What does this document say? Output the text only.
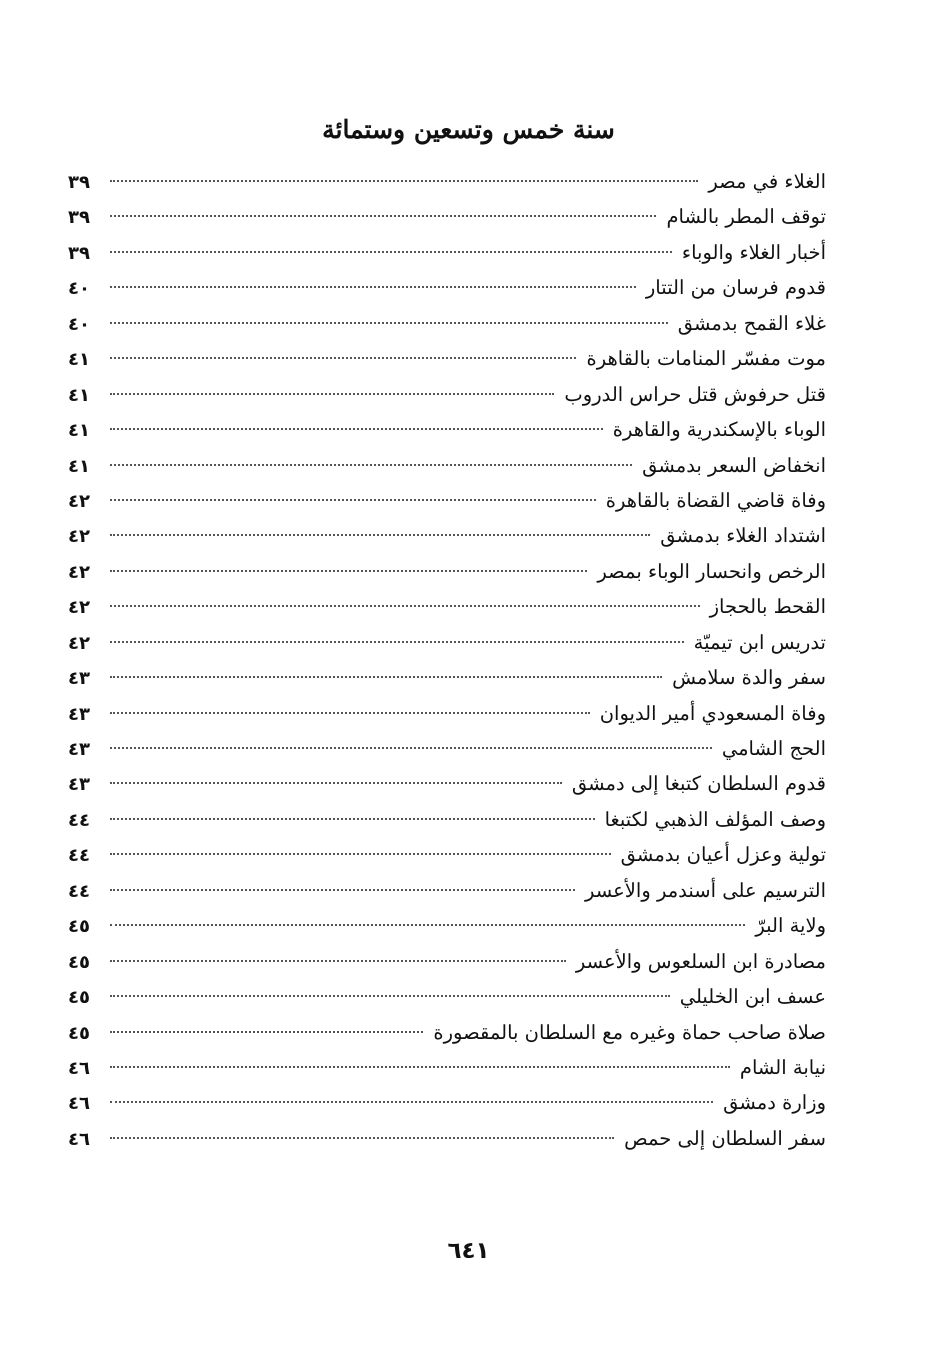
سنة خمس وتسعين وستمائة
الغلاء في مصر
٣٩
توقف المطر بالشام
٣٩
أخبار الغلاء والوباء
٣٩
قدوم فرسان من التتار
٤٠
غلاء القمح بدمشق
٤٠
موت مفسّر المنامات بالقاهرة
٤١
قتل حرفوش قتل حراس الدروب
٤١
الوباء بالإسكندرية والقاهرة
٤١
انخفاض السعر بدمشق
٤١
وفاة قاضي القضاة بالقاهرة
٤٢
اشتداد الغلاء بدمشق
٤٢
الرخص وانحسار الوباء بمصر
٤٢
القحط بالحجاز
٤٢
تدريس ابن تيميّة
٤٢
سفر والدة سلامش
٤٣
وفاة المسعودي أمير الديوان
٤٣
الحج الشامي
٤٣
قدوم السلطان كتبغا إلى دمشق
٤٣
وصف المؤلف الذهبي لكتبغا
٤٤
تولية وعزل أعيان بدمشق
٤٤
الترسيم على أسندمر والأعسر
٤٤
ولاية البرّ
٤٥
مصادرة ابن السلعوس والأعسر
٤٥
عسف ابن الخليلي
٤٥
صلاة صاحب حماة وغيره مع السلطان بالمقصورة
٤٥
نيابة الشام
٤٦
وزارة دمشق
٤٦
سفر السلطان إلى حمص
٤٦
٦٤١
